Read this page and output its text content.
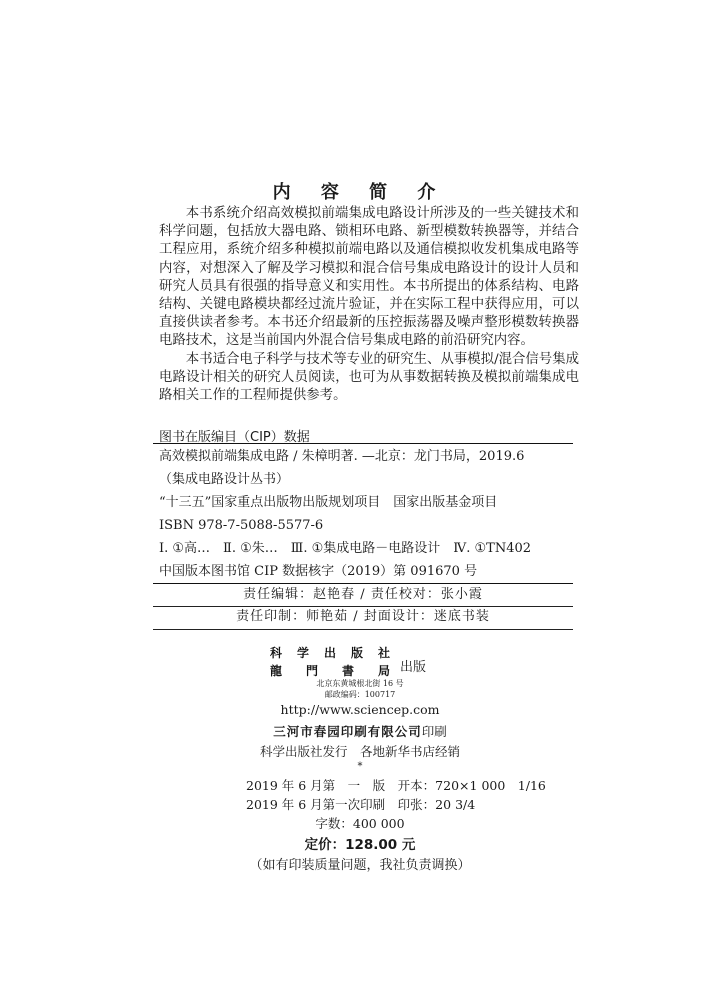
内 容 简 介

本书系统介绍高效模拟前端集成电路设计所涉及的一些关键技术和科学问题，包括放大器电路、锁相环电路、新型模数转换器等，并结合工程应用，系统介绍多种模拟前端电路以及通信模拟收发机集成电路等内容，对想深入了解及学习模拟和混合信号集成电路设计的设计人员和研究人员具有很强的指导意义和实用性。本书所提出的体系结构、电路结构、关键电路模块都经过流片验证，并在实际工程中获得应用，可以直接供读者参考。本书还介绍最新的压控振荡器及噪声整形模数转换器电路技术，这是当前国内外混合信号集成电路的前沿研究内容。

本书适合电子科学与技术等专业的研究生、从事模拟/混合信号集成电路设计相关的研究人员阅读，也可为从事数据转换及模拟前端集成电路相关工作的工程师提供参考。

图书在版编目（CIP）数据
高效模拟前端集成电路 / 朱樟明著. —北京：龙门书局，2019.6
（集成电路设计丛书）
“十三五”国家重点出版物出版规划项目　国家出版基金项目
ISBN 978-7-5088-5577-6
Ⅰ. ①高…　Ⅱ. ①朱…　Ⅲ. ①集成电路－电路设计　Ⅳ. ①TN402
中国版本图书馆 CIP 数据核字（2019）第 091670 号
责任编辑：赵艳春 / 责任校对：张小霞
责任印制：师艳茹 / 封面设计：迷底书装
科 学 出 版 社
龍 門 書 局 出版
北京东黄城根北街 16 号
邮政编码：100717
http://www.sciencep.com
三河市春园印刷有限公司印刷
科学出版社发行　各地新华书店经销
*
2019 年 6 月第　一　版　开本：720×1 000　1/16
2019 年 6 月第一次印刷　印张：20 3/4
字数：400 000
定价：128.00 元
（如有印装质量问题，我社负责调换）
